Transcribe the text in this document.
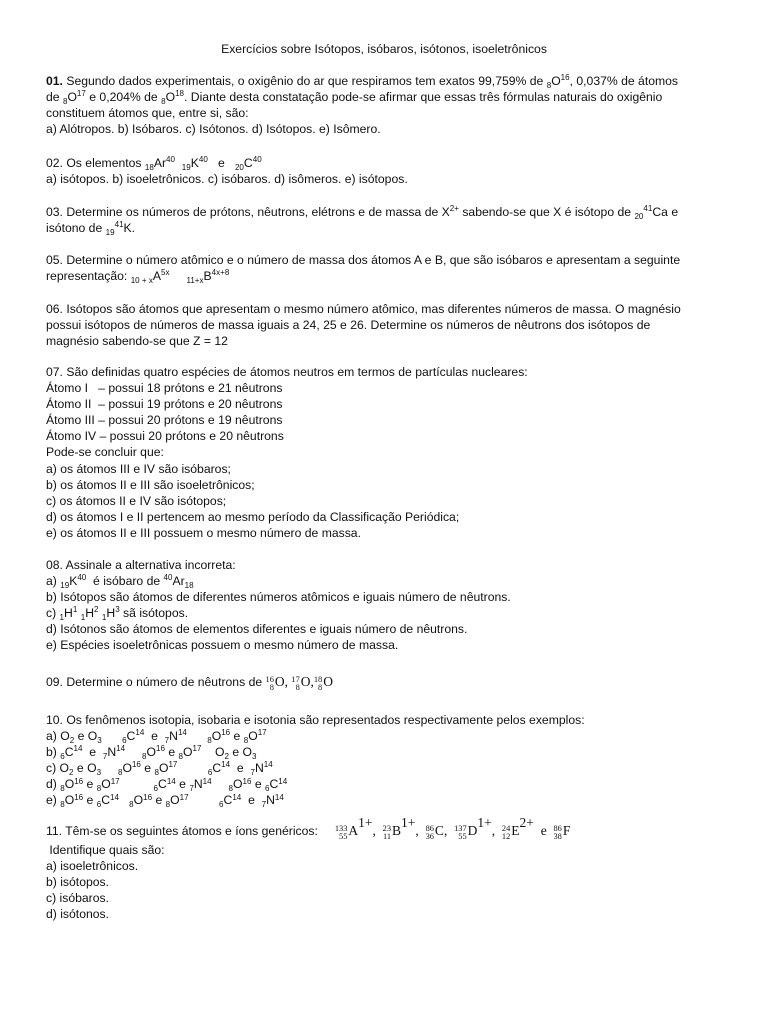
Exercícios sobre Isótopos, isóbaros, isótonos, isoeletrônicos
01. Segundo dados experimentais, o oxigênio do ar que respiramos tem exatos 99,759% de $_8O^{16}$, 0,037% de átomos
de $_8O^{17}$ e 0,204% de $_8O^{18}$. Diante desta constatação pode-se afirmar que essas três fórmulas naturais do oxigênio
constituem átomos que, entre si, são:
a) Alótropos. b) Isóbaros. c) Isótonos. d) Isótopos. e) Isômero.
02. Os elementos $_{18}Ar^{40}$  $_{19}K^{40}$ e $_{20}C^{40}$
a) isótopos. b) isoeletrônicos. c) isóbaros. d) isômeros. e) isótopos.
03. Determine os números de prótons, nêutrons, elétrons e de massa de $X^{2+}$ sabendo-se que X é isótopo de $_{20}^{41}$Ca e
isótono de $_{19}^{41}$K.
05. Determine o número atômico e o número de massa dos átomos A e B, que são isóbaros e apresentam a seguinte
representação: $_{10 + x}A^{5x}$     $_{11+x}B^{4x+8}$
06. Isótopos são átomos que apresentam o mesmo número atômico, mas diferentes números de massa. O magnésio
possui isótopos de números de massa iguais a 24, 25 e 26. Determine os números de nêutrons dos isótopos de
magnésio sabendo-se que Z = 12
07. São definidas quatro espécies de átomos neutros em termos de partículas nucleares:
Átomo I   – possui 18 prótons e 21 nêutrons
Átomo II  – possui 19 prótons e 20 nêutrons
Átomo III – possui 20 prótons e 19 nêutrons
Átomo IV – possui 20 prótons e 20 nêutrons
Pode-se concluir que:
a) os átomos III e IV são isóbaros;
b) os átomos II e III são isoeletrônicos;
c) os átomos II e IV são isótopos;
d) os átomos I e II pertencem ao mesmo período da Classificação Periódica;
e) os átomos II e III possuem o mesmo número de massa.
08. Assinale a alternativa incorreta:
a) $_{19}K^{40}$  é isóbaro de $^{40}Ar_{18}$
b) Isótopos são átomos de diferentes números atômicos e iguais número de nêutrons.
c) $_1H^1$ $_1H^2$ $_1H^3$ sã isótopos.
d) Isótonos são átomos de elementos diferentes e iguais número de nêutrons.
e) Espécies isoeletrônicas possuem o mesmo número de massa.
09. Determine o número de nêutrons de 16
8 O, 17
8 O, 18
8 O
10. Os fenômenos isotopia, isobaria e isotonia são representados respectivamente pelos exemplos:
a) $O_2$ e $O_3$	$_6C^{14}$ e $_7N^{14}$      $_8O^{16}$ e $_8O^{17}$
b) $_6C^{14}$ e $_7N^{14}$     $_8O^{16}$ e $_8O^{17}$ $O_2$ e $O_3$
c) $O_2$ e $O_3$ $_8O^{16}$ e $_8O^{17}$         $_6C^{14}$ e $_7N^{14}$
d) $_8O^{16}$ e $_8O^{17}$          $_6C^{14}$ e $_7N^{14}$     $_8O^{16}$ e $_6C^{14}$
e) $_8O^{16}$ e $_6C^{14}$   $_8O^{16}$ e $_8O^{17}$         $_6C^{14}$ e $_7N^{14}$
11. Têm-se os seguintes átomos e íons genéricos: 133
55 $A^{1+}$, 23
11 $B^{1+}$, 86
36 C, 137
55 $D^{1+}$, 24
12 $E^{2+}$  e 86
38 F
Identifique quais são:
a) isoeletrônicos.
b) isótopos.
c) isóbaros.
d) isótonos.
